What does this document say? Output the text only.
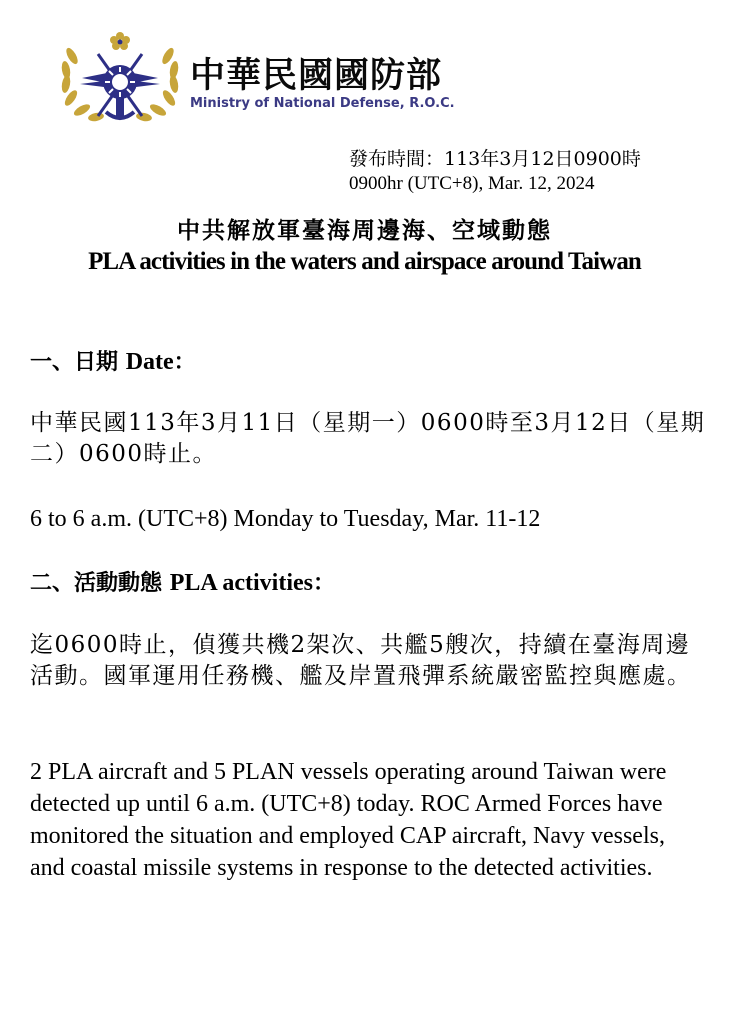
中華民國國防部
Ministry of National Defense, R.O.C.
發布時間：113年3月12日0900時
0900hr (UTC+8), Mar. 12, 2024
中共解放軍臺海周邊海、空域動態
PLA activities in the waters and airspace around Taiwan
一、日期 Date：
中華民國113年3月11日（星期一）0600時至3月12日（星期二）0600時止。
6 to 6 a.m. (UTC+8) Monday to Tuesday, Mar. 11-12
二、活動動態 PLA activities：
迄0600時止，偵獲共機2架次、共艦5艘次，持續在臺海周邊活動。國軍運用任務機、艦及岸置飛彈系統嚴密監控與應處。
2 PLA aircraft and 5 PLAN vessels operating around Taiwan were detected up until 6 a.m. (UTC+8) today. ROC Armed Forces have monitored the situation and employed CAP aircraft, Navy vessels, and coastal missile systems in response to the detected activities.
